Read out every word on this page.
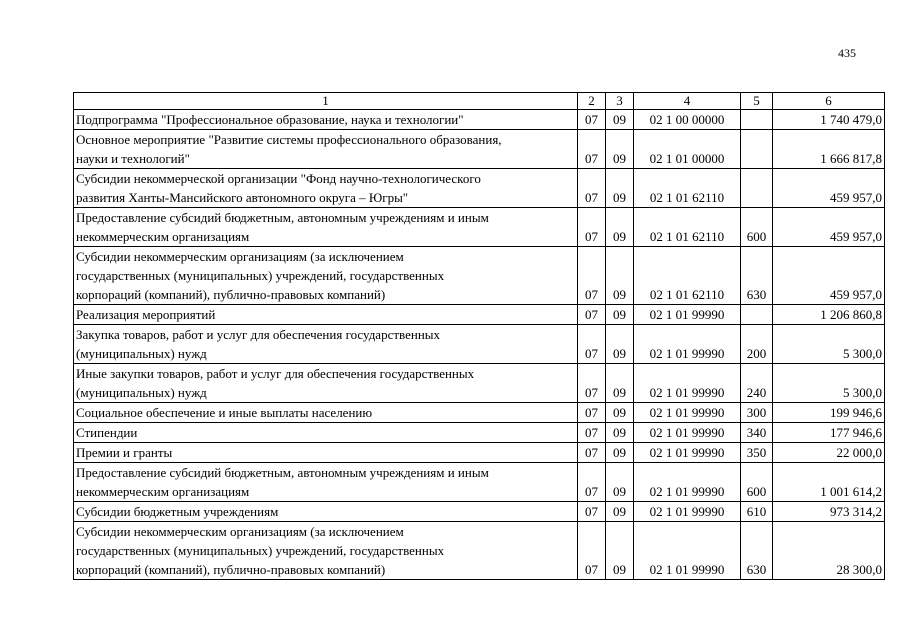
435
1	2	3	4	5	6
Подпрограмма "Профессиональное образование, наука и технологии"	07	09	02 1 00 00000		1 740 479,0
Основное мероприятие "Развитие системы профессионального образования,
науки и технологий"	07	09	02 1 01 00000		1 666 817,8
Субсидии некоммерческой организации "Фонд научно-технологического
развития Ханты-Мансийского автономного округа – Югры"	07	09	02 1 01 62110		459 957,0
Предоставление субсидий бюджетным, автономным учреждениям и иным
некоммерческим организациям	07	09	02 1 01 62110	600	459 957,0
Субсидии некоммерческим организациям (за исключением
государственных (муниципальных) учреждений, государственных
корпораций (компаний), публично-правовых компаний)	07	09	02 1 01 62110	630	459 957,0
Реализация мероприятий	07	09	02 1 01 99990		1 206 860,8
Закупка товаров, работ и услуг для обеспечения государственных
(муниципальных) нужд	07	09	02 1 01 99990	200	5 300,0
Иные закупки товаров, работ и услуг для обеспечения государственных
(муниципальных) нужд	07	09	02 1 01 99990	240	5 300,0
Социальное обеспечение и иные выплаты населению	07	09	02 1 01 99990	300	199 946,6
Стипендии	07	09	02 1 01 99990	340	177 946,6
Премии и гранты	07	09	02 1 01 99990	350	22 000,0
Предоставление субсидий бюджетным, автономным учреждениям и иным
некоммерческим организациям	07	09	02 1 01 99990	600	1 001 614,2
Субсидии бюджетным учреждениям	07	09	02 1 01 99990	610	973 314,2
Субсидии некоммерческим организациям (за исключением
государственных (муниципальных) учреждений, государственных
корпораций (компаний), публично-правовых компаний)	07	09	02 1 01 99990	630	28 300,0
